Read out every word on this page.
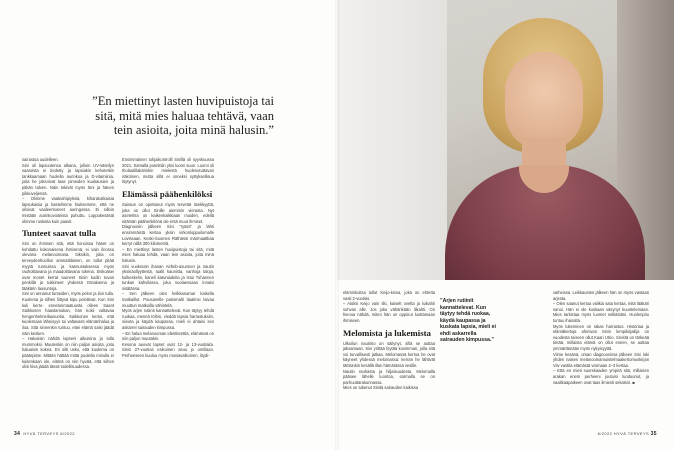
”En miettinyt lasten huvipuistoja tai sitä, mitä mies haluaa tehtävä, vaan tein asioita, joita minä halusin.”

sairastua uudelleen.

Sini oli lapsuutensa alkana, jolloin UV-säteilyn vaaroista ei tiedetty ja lapsiakin kehotettiin tankkaamaan huolella aurinkoa ja D-vitamiinia, joita he jaksoivat taas pimeiden kuukausien ja pitkän talven. Näin tekivät myös Sini ja hänen pikkuveljensä.

– Olimme vaaleahipiyksiä, kiharatukkaisia lapsukaisia ja kastelimme hiuksemme, että ne olisivat vaaleentuneet auringossa. Ei silloin mistään aurinkovoiteista puhuttu. Loppukesästä olimme ruskeita kuin paavit.

Tunteet saavat tulla

Sini on ihmisen sitä, että honoissa hänet on kohdattu kokonaisena ihmisenä, ei vain ilnossa olevana melanoomana. Siksikin, joka on terveydenhuollon ammattilainen, on tullut pitää myytä tunnuissa ja kannustuksessa myös rauhoittavana ja maadoittavana tukena. Siskoäsei ovat monet kerrat tuuneet Sinin kodin tuvan penkillä ja tukkineet yhdessä Omakanna ja tääkärin lausuntoja.

Sini on annanut tunteiden, myös pelon ja ilon tulla. Kuolema ja silhen liittyvä kipu pelottivat. Kun Sini kuli kerto- ennetonmaatuosta olleen Saant Saikkosen haastamukan, hän kokii valtavaa hengenhelmeilausuntia. Saikkonen kertoi, että kuolemaan läheisyys toi valtavasti elämänhalua ja iloa. Sitä sinnenkin tuntuu, ettei elämä saisi jäädä näin kesken.

– Halusisin nähdä lapseni aikuisina ja tulla mummoksi. Muutenkin on niin paljon asioita, joita haluaisin kokea. En silti usko, että kuolema on päätepiste. Mitään hättää mittä puolella minulla ei kuitenkaan ole, elämä on niin hyvää, että siihen olisi kiva jäädä tässä todellisuudessa.

Ensimmäinen tohjaikontrolli Sinillä oli syyskuussa 2021. Samalla poimittiin yksi luomi suun. Luomi oli tholautillakärinkin mielestä huolenututtavan näköinen, mutta sillä ei onneksi syttyksellisua löytynyt.

Elämässä päähenkilöksi

Sairaus on opettanut myös tervettä itsekkyyttä, joka on ollut Sinille aiemmin vierasta. Nyt asetelma on kaikenkaikkiaan muiden, edellä eitämän päähenkilönä ole entä muut ihmiset.

Diagnoosin jälkeen Sini ”ryästi” ja lähti ensimmäistä kertaa yksin virkonloppuilomalle Lovissaan. Keski-Suomen Räthäsöi märmaattkaa kerryt niillä 300 kilometriä.

– En miettinyt lasten huvipuistoja tai sitä, mitä mies haluaa tehdä, vaan tein asioita, joita minä halusin.

Sini vuokrasin ihanan Airbnb-asunnon ja nautin yksinäollyyttestä, tualit kaunista, vanhoja taloja, kulkeskelin, kaneli katuniadeita ja istui Tuhannen tunkan kahvilassa, joka suolaessaan innaisi sisätänsa.

– Sen jälkeen olen helkkanamar kaikella matkaillut. Pousanelle paösmalti tiaalmsi laivaa muuttun matkoilla vähintelä.

Myös arjen rutiinit kannattelevat. Kun täytyy tehdä ruokaa, mennä töihin, vieddä lapsia harrastuksiin, siivota ja käydä kaupassa, mieli ei ahtaisi sen askarrel sairauden kimpussa.

– En halua melanooman identiteettiä, elämässä on niin paljon muutakin.

Kesona auovat lapset ovat 12- ja 13-vuotiaita. Sinin 27-vuotias esikoinen asuu jo omillaan. Perheeseen kuuluu myös musiavalkoinen, löydi-

eläminkoitsa tullut Keijo-kissa, joka on ehtetta vasti 2-vuotias.

– Aluksi Keijo vain tiki, kaiselt ovelta ja luikahti sohvan alle. Jos joku vähänkään liikahti. On hienoa nähdä, miten hän on oppinut luottamaan ihmiseen.

Melomista ja lukemista

Ulkoilun nautinto on säilynyt, sillä se auttaa jaksamaan. Sini yrittää löytää kovimman, jolla sitä voi turvallisesti jatkaa. Melomassä kertoa he ovat käyneet yhdessä melomassa: kerran he lähtivät tättisinkin kesällä illan hämärässä vesille.

Nautin rauhasta ja hiljaisuudesta. Melomalla pääsee lähelle luontoa, sarmalla se on parhuuttarakunnassa.

Mies on tukenut Sinitä sairauden kaikissa

”Arjen rutiinit kannattelevat. Kun täytyy tehdä ruokaa, käydä kaupassa ja kuskata lapsia, mieli ei ehdi askarrella sairauden kimpussa.”

vaiheissa. Leikkausten jälkeen hän on myös vastaan arjesta.

– Olen saanut kertoa valikia sata kertaa, mitä lääkäri sanoi. Hän ei ole koskaan väsynyt kuuntelemaan. Mies tarkistaa myös luomet selkästäni. Huolenpito tuntuu ihanalta.

Myös lukeminen on rakas harrastus. Historiaa ja elämäkertoja ahmivan Sinin lempikirjailija on vuodesta toiseen ollut Kaari Utrio. Sinistä on tärkeää tietää, millaista elämä on ollut ennen, se auttaa ymmärtämään myös nykyisyyttä.

Viime kesänä, oman diagnoosinsa jälkeen Sini luki yhden naisen melanoomamuistelmaakertomuskirjan Viiv vastita elämästä varmaan 2–3 kertaa.

– Että en mieti suorekaaden ympirä sitä, millaisen arakan enem perheeni joutuisi luoduunut, ja vaaitkaapaikeen ovat taas ilmiesti sekatsin. ■

34 HYVÄ TERVEYS 6/2022	6/2022 HYVÄ TERVEYS 35
